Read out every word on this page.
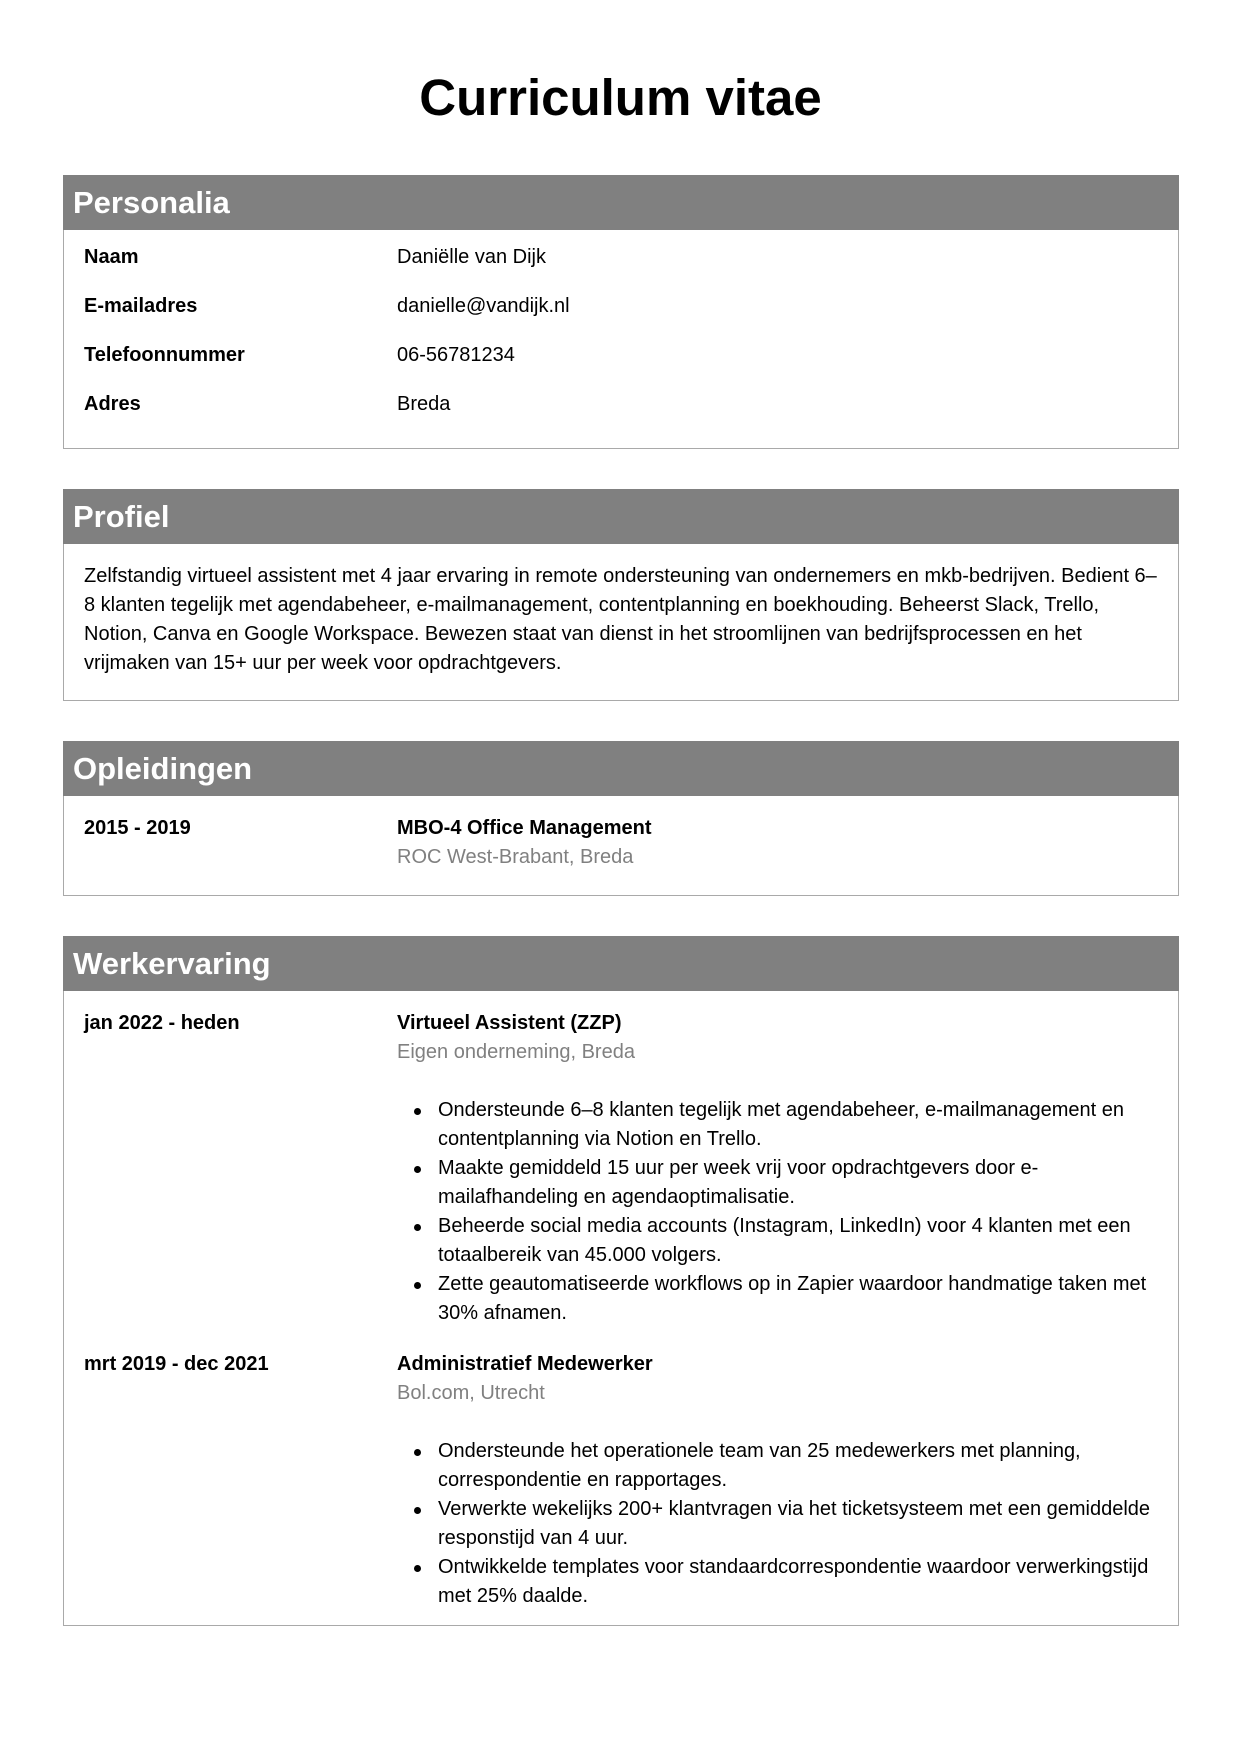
Curriculum vitae
Personalia
Naam	Daniëlle van Dijk
E-mailadres	danielle@vandijk.nl
Telefoonnummer	06-56781234
Adres	Breda
Profiel
Zelfstandig virtueel assistent met 4 jaar ervaring in remote ondersteuning van ondernemers en mkb-bedrijven. Bedient 6–8 klanten tegelijk met agendabeheer, e-mailmanagement, contentplanning en boekhouding. Beheerst Slack, Trello, Notion, Canva en Google Workspace. Bewezen staat van dienst in het stroomlijnen van bedrijfsprocessen en het vrijmaken van 15+ uur per week voor opdrachtgevers.
Opleidingen
2015 - 2019	MBO-4 Office Management
ROC West-Brabant, Breda
Werkervaring
jan 2022 - heden	Virtueel Assistent (ZZP)
Eigen onderneming, Breda
Ondersteunde 6–8 klanten tegelijk met agendabeheer, e-mailmanagement en contentplanning via Notion en Trello.
Maakte gemiddeld 15 uur per week vrij voor opdrachtgevers door e-mailafhandeling en agendaoptimalisatie.
Beheerde social media accounts (Instagram, LinkedIn) voor 4 klanten met een totaalbereik van 45.000 volgers.
Zette geautomatiseerde workflows op in Zapier waardoor handmatige taken met 30% afnamen.
mrt 2019 - dec 2021	Administratief Medewerker
Bol.com, Utrecht
Ondersteunde het operationele team van 25 medewerkers met planning, correspondentie en rapportages.
Verwerkte wekelijks 200+ klantvragen via het ticketsysteem met een gemiddelde responstijd van 4 uur.
Ontwikkelde templates voor standaardcorrespondentie waardoor verwerkingstijd met 25% daalde.
